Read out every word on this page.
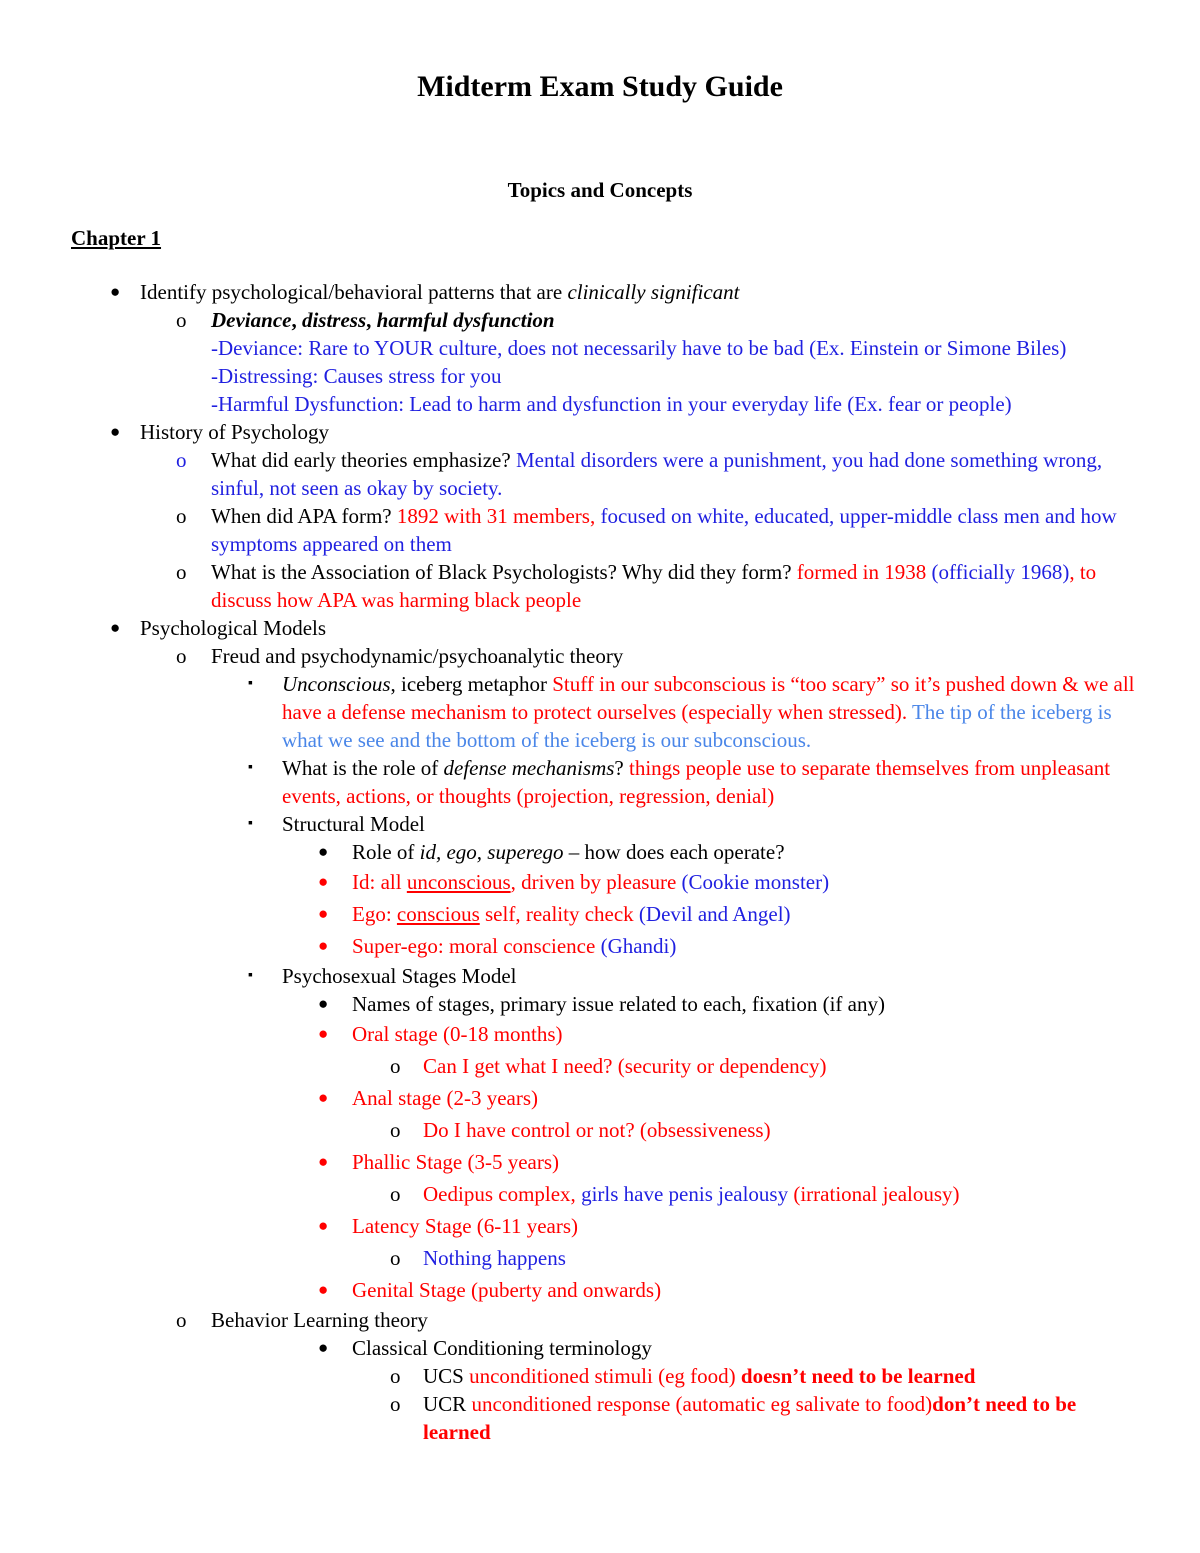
Midterm Exam Study Guide
Topics and Concepts
Chapter 1
● Identify psychological/behavioral patterns that are clinically significant
o Deviance, distress, harmful dysfunction
-Deviance: Rare to YOUR culture, does not necessarily have to be bad (Ex. Einstein or Simone Biles)
-Distressing: Causes stress for you
-Harmful Dysfunction: Lead to harm and dysfunction in your everyday life (Ex. fear or people)
● History of Psychology
o What did early theories emphasize? Mental disorders were a punishment, you had done something wrong, sinful, not seen as okay by society.
o When did APA form? 1892 with 31 members, focused on white, educated, upper-middle class men and how symptoms appeared on them
o What is the Association of Black Psychologists? Why did they form? formed in 1938 (officially 1968), to discuss how APA was harming black people
● Psychological Models
o Freud and psychodynamic/psychoanalytic theory
▪ Unconscious, iceberg metaphor Stuff in our subconscious is “too scary” so it’s pushed down & we all have a defense mechanism to protect ourselves (especially when stressed). The tip of the iceberg is what we see and the bottom of the iceberg is our subconscious.
▪ What is the role of defense mechanisms? things people use to separate themselves from unpleasant events, actions, or thoughts (projection, regression, denial)
▪ Structural Model
● Role of id, ego, superego – how does each operate?
● Id: all unconscious, driven by pleasure (Cookie monster)
● Ego: conscious self, reality check (Devil and Angel)
● Super-ego: moral conscience (Ghandi)
▪ Psychosexual Stages Model
● Names of stages, primary issue related to each, fixation (if any)
● Oral stage (0-18 months)
o Can I get what I need? (security or dependency)
● Anal stage (2-3 years)
o Do I have control or not? (obsessiveness)
● Phallic Stage (3-5 years)
o Oedipus complex, girls have penis jealousy (irrational jealousy)
● Latency Stage (6-11 years)
o Nothing happens
● Genital Stage (puberty and onwards)
o Behavior Learning theory
● Classical Conditioning terminology
o UCS unconditioned stimuli (eg food) doesn’t need to be learned
o UCR unconditioned response (automatic eg salivate to food)don’t need to be learned
